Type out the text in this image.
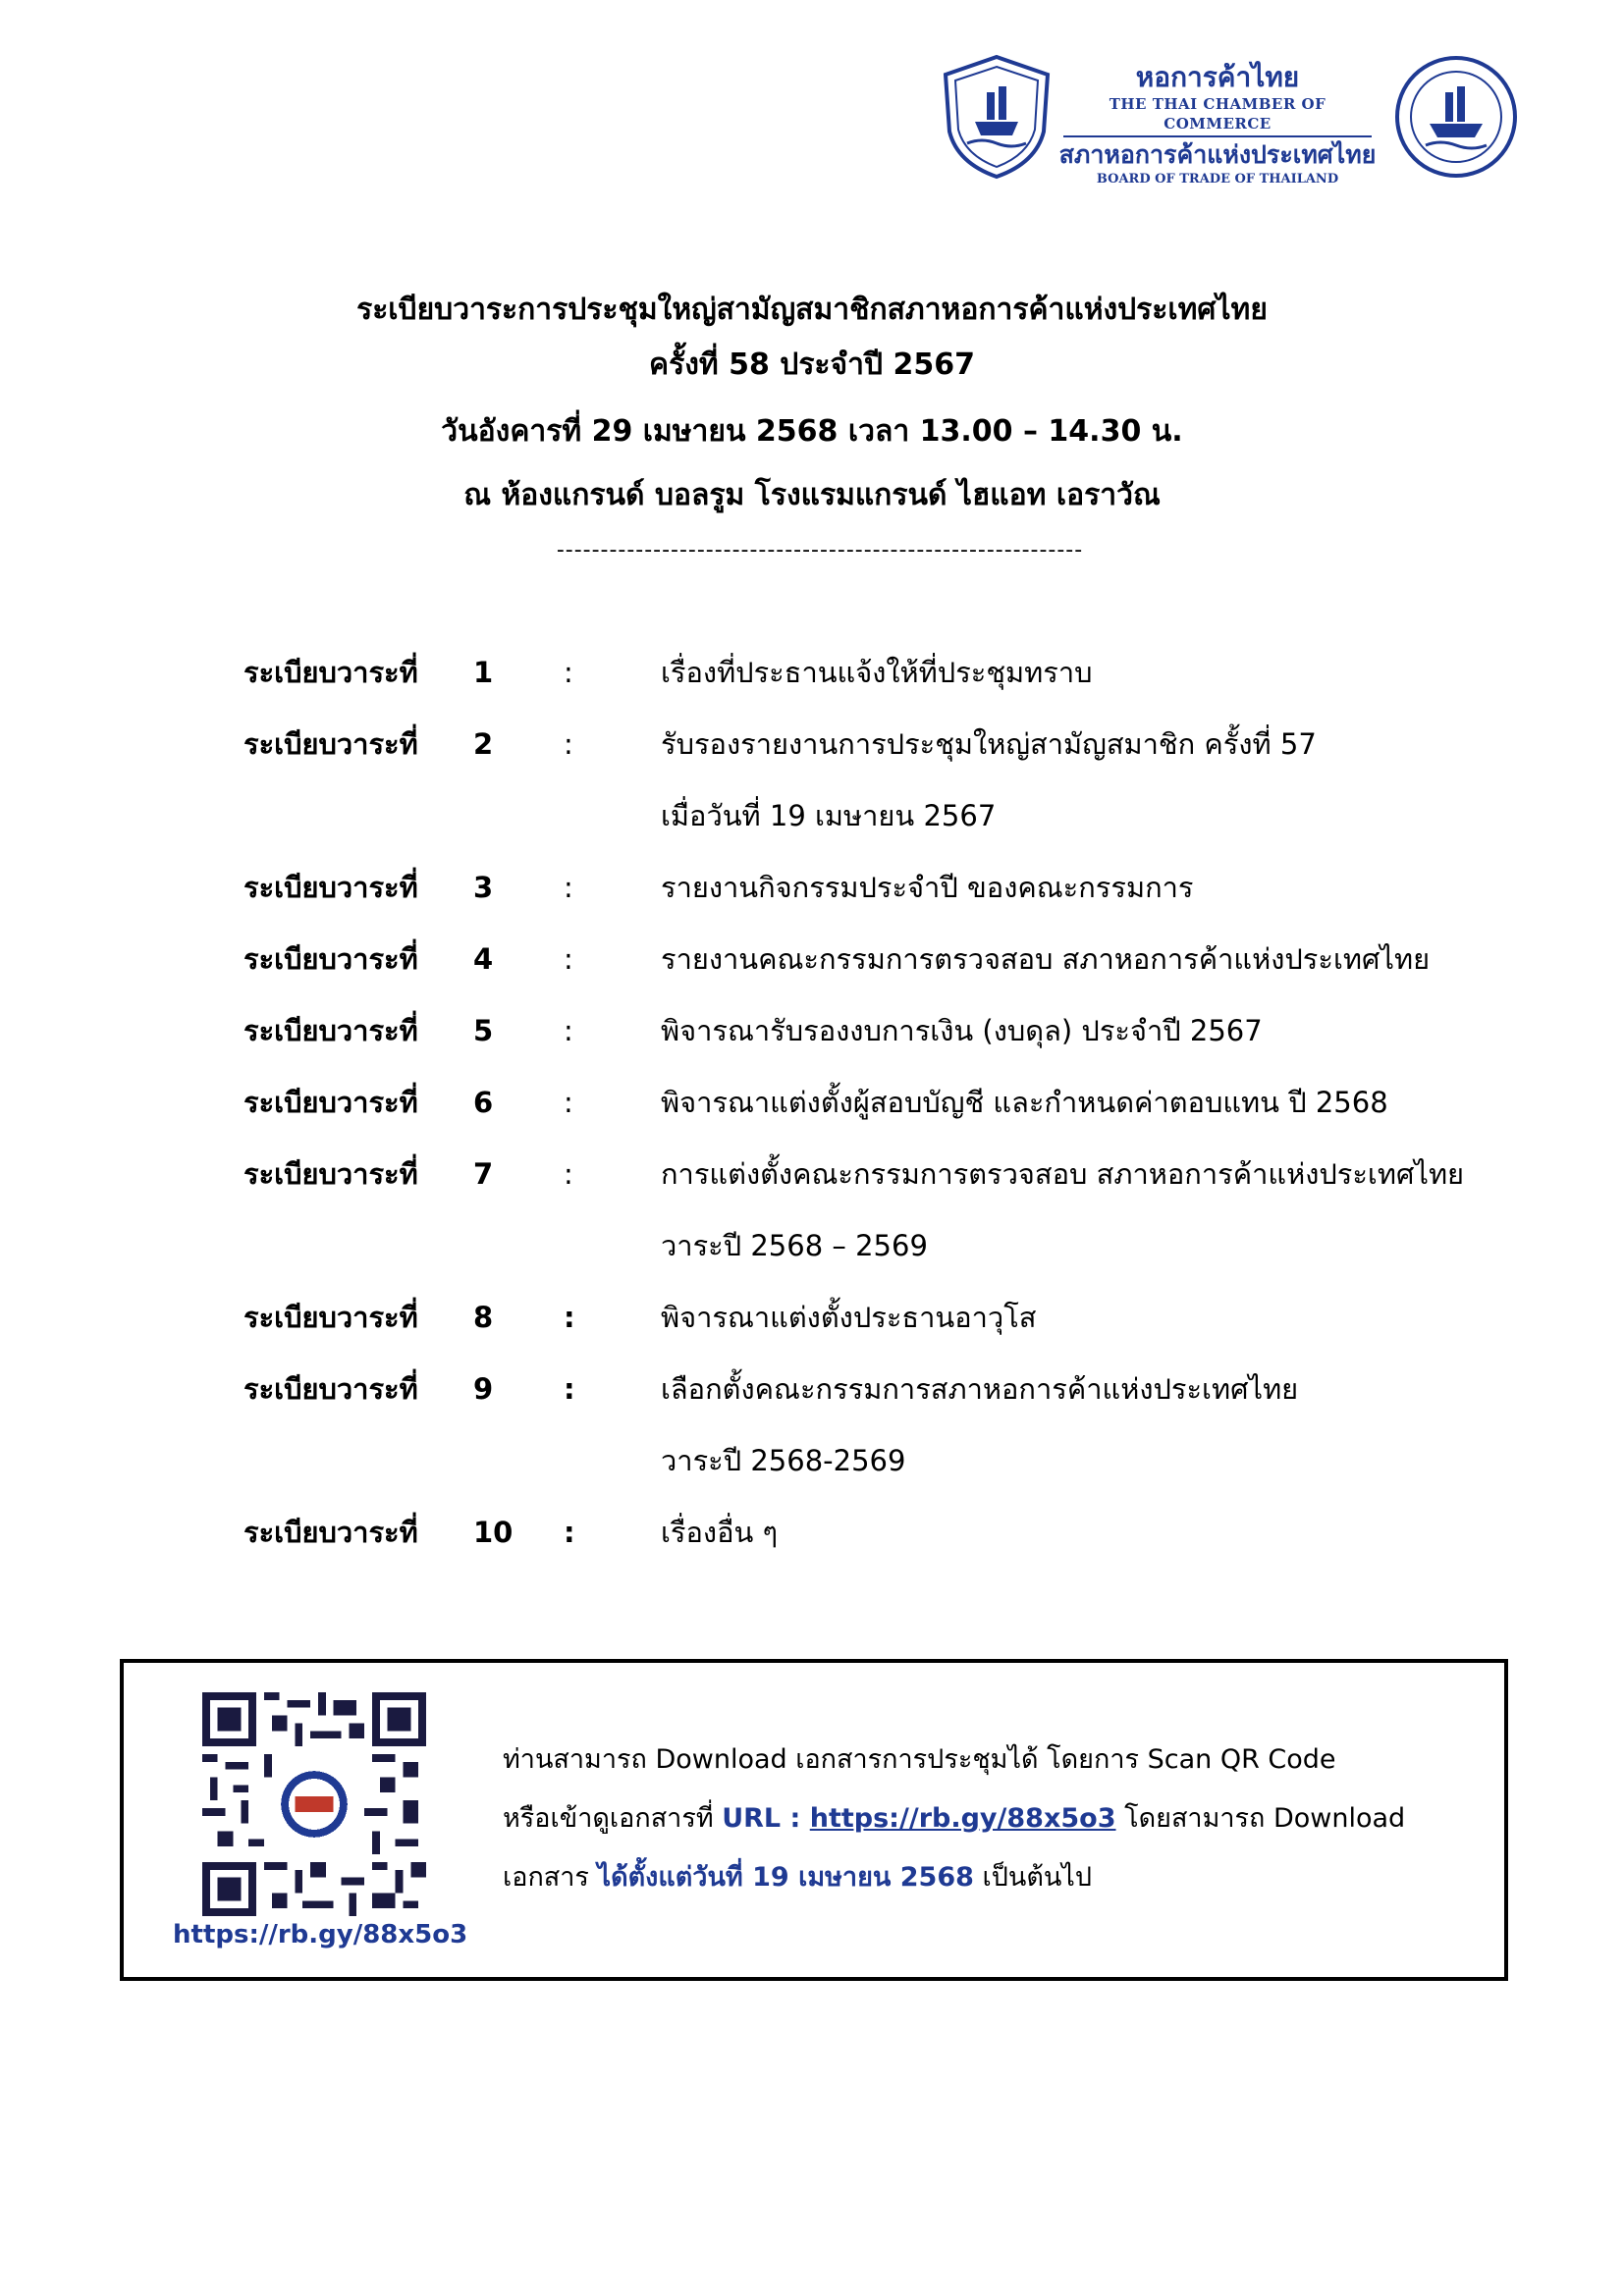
หอการค้าไทย
THE THAI CHAMBER OF COMMERCE
สภาหอการค้าแห่งประเทศไทย
BOARD OF TRADE OF THAILAND
ระเบียบวาระการประชุมใหญ่สามัญสมาชิกสภาหอการค้าแห่งประเทศไทย
ครั้งที่ 58 ประจำปี 2567
วันอังคารที่ 29 เมษายน 2568 เวลา 13.00 – 14.30 น.
ณ ห้องแกรนด์ บอลรูม โรงแรมแกรนด์ ไฮแอท เอราวัณ
------------------------------------------------------------
ระเบียบวาระที่ 1 :	เรื่องที่ประธานแจ้งให้ที่ประชุมทราบ
ระเบียบวาระที่ 2 :	รับรองรายงานการประชุมใหญ่สามัญสมาชิก ครั้งที่ 57
เมื่อวันที่ 19 เมษายน 2567
ระเบียบวาระที่ 3 :	รายงานกิจกรรมประจำปี ของคณะกรรมการ
ระเบียบวาระที่ 4 :	รายงานคณะกรรมการตรวจสอบ สภาหอการค้าแห่งประเทศไทย
ระเบียบวาระที่ 5 :	พิจารณารับรองงบการเงิน (งบดุล) ประจำปี 2567
ระเบียบวาระที่ 6 :	พิจารณาแต่งตั้งผู้สอบบัญชี และกำหนดค่าตอบแทน ปี 2568
ระเบียบวาระที่ 7 :	การแต่งตั้งคณะกรรมการตรวจสอบ สภาหอการค้าแห่งประเทศไทย
วาระปี 2568 – 2569
ระเบียบวาระที่ 8 :	พิจารณาแต่งตั้งประธานอาวุโส
ระเบียบวาระที่ 9 :	เลือกตั้งคณะกรรมการสภาหอการค้าแห่งประเทศไทย
วาระปี 2568-2569
ระเบียบวาระที่ 10 :	เรื่องอื่น ๆ
https://rb.gy/88x5o3
ท่านสามารถ Download เอกสารการประชุมได้ โดยการ Scan QR Code
หรือเข้าดูเอกสารที่ URL : https://rb.gy/88x5o3 โดยสามารถ Download
เอกสาร ได้ตั้งแต่วันที่ 19 เมษายน 2568 เป็นต้นไป
